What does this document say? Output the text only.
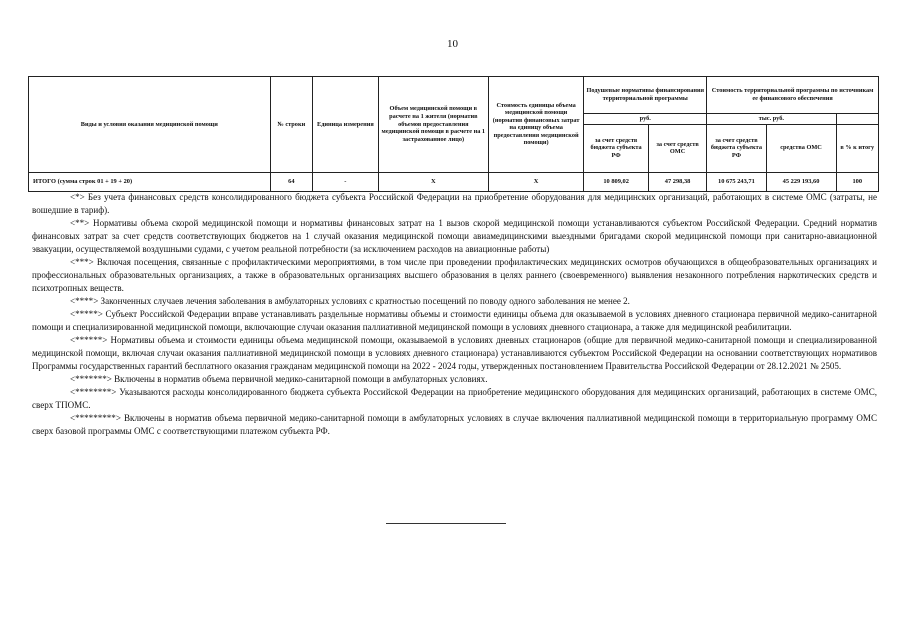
10
Виды и условия оказания медицинской помощи	№ строки	Единица измерения	Объем медицинской помощи в расчете на 1 жителя (норматив объемов предоставления медицинской помощи в расчете на 1 застрахованное лицо)	Стоимость единицы объема медицинской помощи (норматив финансовых затрат на единицу объема предоставления медицинской помощи)	Подушевые нормативы финансирования территориальной программы		Стоимость территориальной программы по источникам ее финансового обеспечения		
					руб.		тыс. руб.		
					за счет средств бюджета субъекта РФ	за счет средств ОМС	за счет средств бюджета субъекта РФ	средства ОМС	в % к итогу
ИТОГО (сумма строк 01 + 19 + 20)	64	-	X	X	10 809,02	47 298,38	10 675 243,71	45 229 193,60	100

<*> Без учета финансовых средств консолидированного бюджета субъекта Российской Федерации на приобретение оборудования для медицинских организаций, работающих в системе ОМС (затраты, не вошедшие в тариф).

<**> Нормативы объема скорой медицинской помощи и нормативы финансовых затрат на 1 вызов скорой медицинской помощи устанавливаются субъектом Российской Федерации. Средний норматив финансовых затрат за счет средств соответствующих бюджетов на 1 случай оказания медицинской помощи авиамедицинскими выездными бригадами скорой медицинской помощи при санитарно-авиационной эвакуации, осуществляемой воздушными судами, с учетом реальной потребности (за исключением расходов на авиационные работы)

<***> Включая посещения, связанные с профилактическими мероприятиями, в том числе при проведении профилактических медицинских осмотров обучающихся в общеобразовательных организациях и профессиональных образовательных организациях, а также в образовательных организациях высшего образования в целях раннего (своевременного) выявления незаконного потребления наркотических средств и психотропных веществ.

<****> Законченных случаев лечения заболевания в амбулаторных условиях с кратностью посещений по поводу одного заболевания не менее 2.

<*****> Субъект Российской Федерации вправе устанавливать раздельные нормативы объемы и стоимости единицы объема для оказываемой в условиях дневного стационара первичной медико-санитарной помощи и специализированной медицинской помощи, включающие случаи оказания паллиативной медицинской помощи в условиях дневного стационара, а также для медицинской реабилитации.

<******> Нормативы объема и стоимости единицы объема медицинской помощи, оказываемой в условиях дневных стационаров (общие для первичной медико-санитарной помощи и специализированной медицинской помощи, включая случаи оказания паллиативной медицинской помощи в условиях дневного стационара) устанавливаются субъектом Российской Федерации на основании соответствующих нормативов Программы государственных гарантий бесплатного оказания гражданам медицинской помощи на 2022 - 2024 годы, утвержденных постановлением Правительства Российской Федерации от 28.12.2021 № 2505.

<*******> Включены в норматив объема первичной медико-санитарной помощи в амбулаторных условиях.

<********> Указываются расходы консолидированного бюджета субъекта Российской Федерации на приобретение медицинского оборудования для медицинских организаций, работающих в системе ОМС, сверх ТПОМС.

<*********> Включены в норматив объема первичной медико-санитарной помощи в амбулаторных условиях в случае включения паллиативной медицинской помощи в территориальную программу ОМС сверх базовой программы ОМС с соответствующими платежом субъекта РФ.
